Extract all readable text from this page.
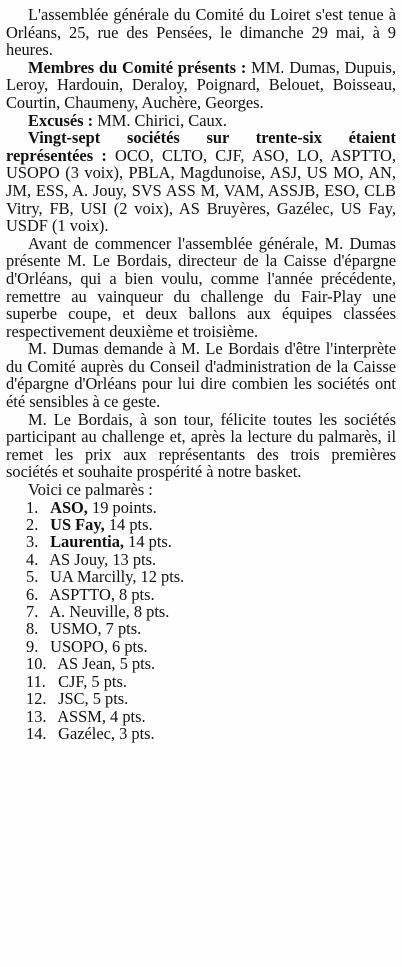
L'assemblée générale du Comité du Loiret s'est tenue à Orléans, 25, rue des Pensées, le dimanche 29 mai, à 9 heures.

Membres du Comité présents : MM. Dumas, Dupuis, Leroy, Hardouin, Deraloy, Poignard, Belouet, Boisseau, Courtin, Chaumeny, Auchère, Georges.

Excusés : MM. Chirici, Caux.

Vingt-sept sociétés sur trente-six étaient représentées : OCO, CLTO, CJF, ASO, LO, ASPTTO, USOPO (3 voix), PBLA, Magdunoise, ASJ, US MO, AN, JM, ESS, A. Jouy, SVS ASS M, VAM, ASSJB, ESO, CLB Vitry, FB, USI (2 voix), AS Bruyères, Gazélec, US Fay, USDF (1 voix).

Avant de commencer l'assemblée générale, M. Dumas présente M. Le Bordais, directeur de la Caisse d'épargne d'Orléans, qui a bien voulu, comme l'année précédente, remettre au vainqueur du challenge du Fair-Play une superbe coupe, et deux ballons aux équipes classées respectivement deuxième et troisième.

M. Dumas demande à M. Le Bordais d'être l'interprète du Comité auprès du Conseil d'administration de la Caisse d'épargne d'Orléans pour lui dire combien les sociétés ont été sensibles à ce geste.

M. Le Bordais, à son tour, félicite toutes les sociétés participant au challenge et, après la lecture du palmarès, il remet les prix aux représentants des trois premières sociétés et souhaite prospérité à notre basket.

Voici ce palmarès :

1. ASO, 19 points.
2. US Fay, 14 pts.
3. Laurentia, 14 pts.
4. AS Jouy, 13 pts.
5. UA Marcilly, 12 pts.
6. ASPTTO, 8 pts.
7. A. Neuville, 8 pts.
8. USMO, 7 pts.
9. USOPO, 6 pts.
10. AS Jean, 5 pts.
11. CJF, 5 pts.
12. JSC, 5 pts.
13. ASSM, 4 pts.
14. Gazélec, 3 pts.
